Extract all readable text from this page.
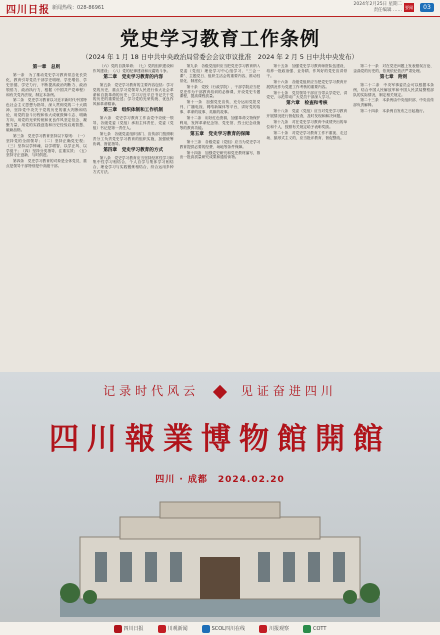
四川日报 新闻热线：028-86961
2024年2月25日 星期二
责任编辑 ……
要闻	03
党史学习教育工作条例
（2024 年 1 月 18 日中共中央政治局常委会会议审议批准　2024 年 2 月 5 日中共中央发布）
第一章　总则

第一条　为了推动党史学习教育常态化长效化，教育引导党员干部学史明理、学史增信、学史崇德、学史力行，不断提高政治判断力、政治领悟力、政治执行力，根据《中国共产党章程》和有关党内法规，制定本条例。

第二条　党史学习教育以习近平新时代中国特色社会主义思想为指导，深入贯彻党的二十大精神，坚持党中央关于党的历史的重大判断和结论，用党的奋斗历程和伟大成就鼓舞斗志、明确方向，用党的光荣传统和优良作风坚定信念、凝聚力量，用党的实践创造和历史经验启迪智慧、砥砺品格。

第三条　党史学习教育坚持以下原则：（一）坚持党的全面领导；（二）坚持正确党史观；（三）坚持以学铸魂、以学增智、以学正风、以学促干；（四）坚持分类指导，注重实效；（五）坚持守正创新，与时俱进。

第四条　党史学习教育的对象是全体党员，重点是领导干部特别是中高级干部。

（六）党的自我革命；（七）党的组织建设和作风建设；（八）党的纪律建设和反腐败斗争。

第二章　党史学习教育的内容

第五条　党史学习教育的主要内容包括：学习党的历史，重点学习党领导人民进行伟大社会革命和自我革命的历史；学习习近平总书记关于党的历史的重要论述；学习党的光荣传统、优良作风和革命精神。

第三章　组织体制和工作机制

第六条　党史学习教育工作由党中央统一领导，各级党委（党组）承担主体责任，党委（党组）书记是第一责任人。

第七条　各级党委组织部门、宣传部门按照职责分工负责党史学习教育的组织实施，加强统筹协调、督促指导。

第四章　党史学习教育的方式

第八条　党史学习教育应当坚持经常性学习和集中性学习相结合，个人自学与集体学习相结合，理论学习与实践锻炼相结合，综合运用多种方式方法。

第九条　各级党组织应当把党史学习教育纳入党委（党组）理论学习中心组学习、“三会一课”、主题党日、组织生活会的重要内容，推动经常化、制度化。

第十条　党校（行政学院）、干部学院应当把党史作为干部教育培训的必修课，开设党史专题课程，提高课程质量。

第十一条　加强党史宣传，充分运用党报党刊、广播电视、网络新媒体等平台，讲好党的故事、革命的故事、英雄的故事。

第十二条　用好红色资源，加强革命文物保护利用，发挥革命纪念馆、党史馆、烈士纪念设施等的教育功能。

第五章　党史学习教育的保障

第十三条　各级党委（党组）应当为党史学习教育提供必要的经费、场地等条件保障。

第十四条　加强党史研究和党史教材编写，推出一批高质量研究成果和通俗读物。

第十五条　加强党史学习教育师资队伍建设，培养一批政治强、业务精、作风好的党史宣讲骨干。

第十六条　各级党组织应当把党史学习教育开展情况作为党建工作考核的重要内容。

第十七条　党员领导干部应当带头学党史，讲党史，示范带动广大党员干部深入学习。

第六章　检查和考核

第十八条　党委（党组）应当对党史学习教育开展情况进行督促检查，及时发现和解决问题。

第十九条　对在党史学习教育中成绩突出的单位和个人，按照有关规定给予表彰奖励。

第二十条　对党史学习教育工作不重视、走过场、搞形式主义的，应当批评教育、督促整改。

第二十一条　对在党史问题上发表错误言论、歪曲党的历史的，依规依纪依法严肃处理。

第七章　附则

第二十二条　中央军事委员会可以根据本条例，结合中国人民解放军和中国人民武装警察部队的实际情况，制定相关规定。

第二十三条　本条例由中央组织部、中央宣传部负责解释。

第二十四条　本条例自发布之日起施行。

记录时代风云	见证奋进四川
四川報業博物館開館
四川 · 成都　2024.02.20
四川日报	川观新闻	SCOL四川在线	川报观察	COTT
